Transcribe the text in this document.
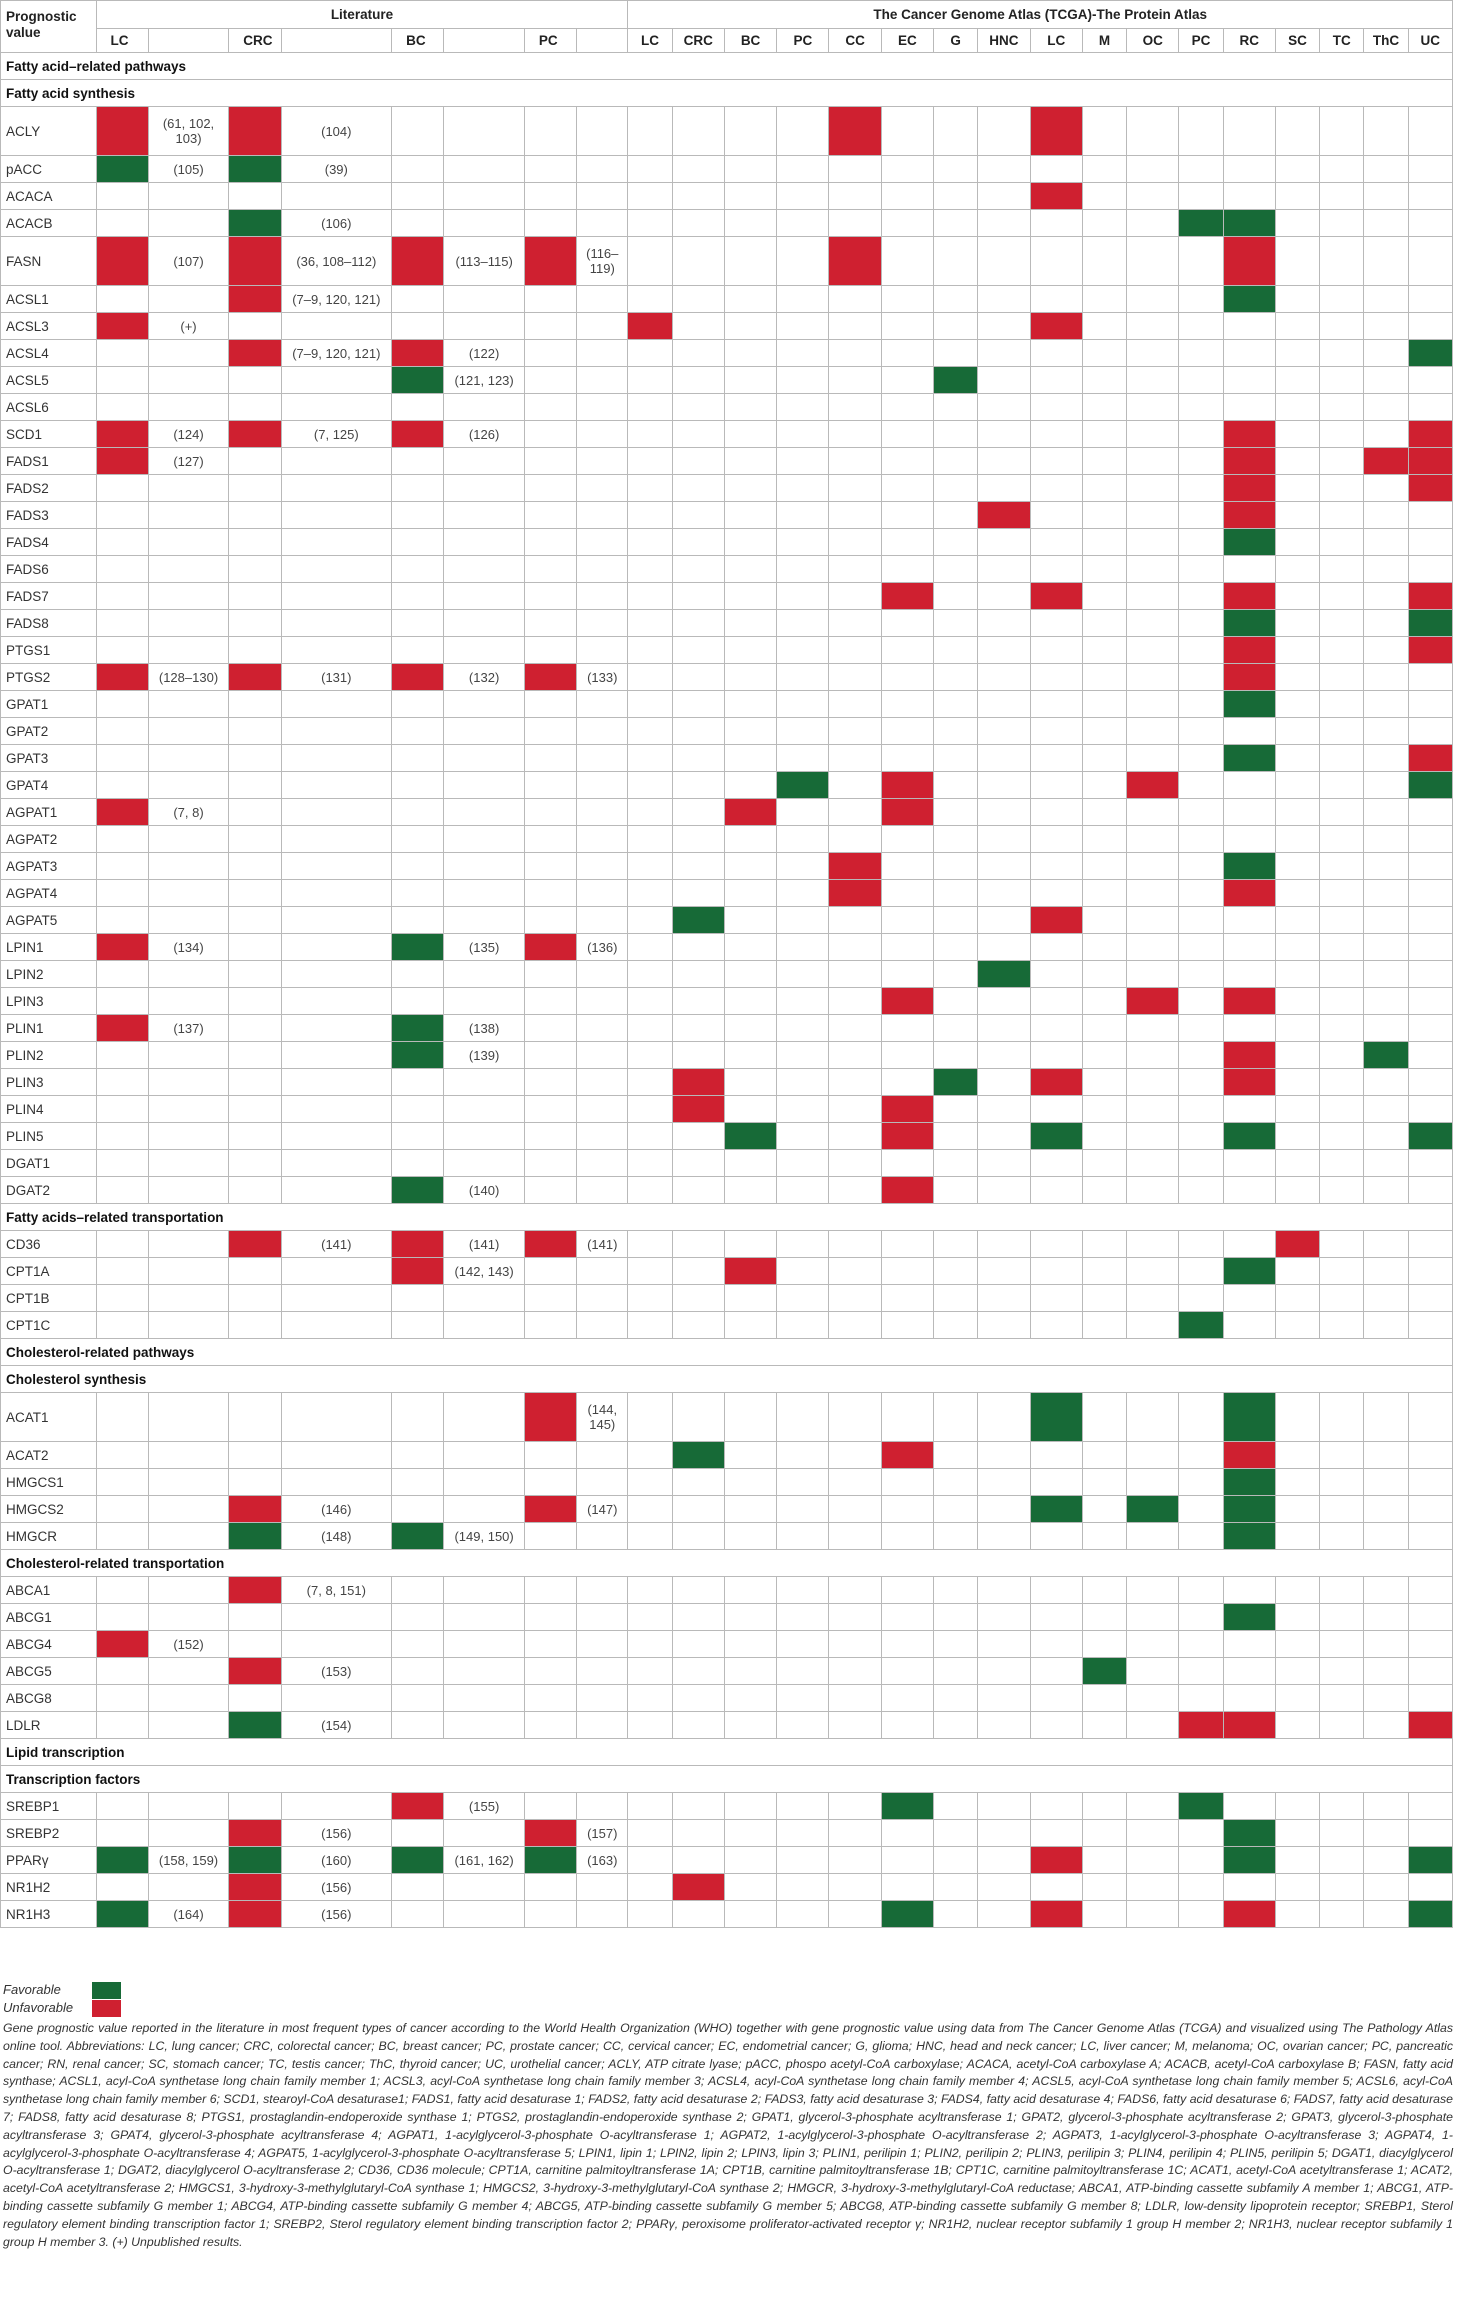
Prognostic value	Literature								The Cancer Genome Atlas (TCGA)-The Protein Atlas																
	LC		CRC		BC		PC		LC	CRC	BC	PC	CC	EC	G	HNC	LC	M	OC	PC	RC	SC	TC	ThC	UC
Fatty acid–related pathways																									
Fatty acid synthesis																									
ACLY		(61, 102, 103)		(104)																					
pACC		(105)		(39)																					
ACACA																									
ACACB				(106)																					
FASN		(107)		(36, 108–112)		(113–115)		(116–119)																	
ACSL1				(7–9, 120, 121)																					
ACSL3		(+)																							
ACSL4				(7–9, 120, 121)		(122)																			
ACSL5						(121, 123)																			
ACSL6																									
SCD1		(124)		(7, 125)		(126)																			
FADS1		(127)																							
FADS2																									
FADS3																									
FADS4																									
FADS6																									
FADS7																									
FADS8																									
PTGS1																									
PTGS2		(128–130)		(131)		(132)		(133)																	
GPAT1																									
GPAT2																									
GPAT3																									
GPAT4																									
AGPAT1		(7, 8)																							
AGPAT2																									
AGPAT3																									
AGPAT4																									
AGPAT5																									
LPIN1		(134)				(135)		(136)																	
LPIN2																									
LPIN3																									
PLIN1		(137)				(138)																			
PLIN2						(139)																			
PLIN3																									
PLIN4																									
PLIN5																									
DGAT1																									
DGAT2						(140)																			
Fatty acids–related transportation																									
CD36				(141)		(141)		(141)																	
CPT1A						(142, 143)																			
CPT1B																									
CPT1C																									
Cholesterol-related pathways																									
Cholesterol synthesis																									
ACAT1								(144, 145)																	
ACAT2																									
HMGCS1																									
HMGCS2				(146)				(147)																	
HMGCR				(148)		(149, 150)																			
Cholesterol-related transportation																									
ABCA1				(7, 8, 151)																					
ABCG1																									
ABCG4		(152)																							
ABCG5				(153)																					
ABCG8																									
LDLR				(154)																					
Lipid transcription																									
Transcription factors																									
SREBP1						(155)																			
SREBP2				(156)				(157)																	
PPARγ		(158, 159)		(160)		(161, 162)		(163)																	
NR1H2				(156)																					
NR1H3		(164)		(156)																					
Favorable
Unfavorable
Gene prognostic value reported in the literature in most frequent types of cancer according to the World Health Organization (WHO) together with gene prognostic value using data from The Cancer Genome Atlas (TCGA) and visualized using The Pathology Atlas online tool. Abbreviations: LC, lung cancer; CRC, colorectal cancer; BC, breast cancer; PC, prostate cancer; CC, cervical cancer; EC, endometrial cancer; G, glioma; HNC, head and neck cancer; LC, liver cancer; M, melanoma; OC, ovarian cancer; PC, pancreatic cancer; RN, renal cancer; SC, stomach cancer; TC, testis cancer; ThC, thyroid cancer; UC, urothelial cancer; ACLY, ATP citrate lyase; pACC, phospo acetyl-CoA carboxylase; ACACA, acetyl-CoA carboxylase A; ACACB, acetyl-CoA carboxylase B; FASN, fatty acid synthase; ACSL1, acyl-CoA synthetase long chain family member 1; ACSL3, acyl-CoA synthetase long chain family member 3; ACSL4, acyl-CoA synthetase long chain family member 4; ACSL5, acyl-CoA synthetase long chain family member 5; ACSL6, acyl-CoA synthetase long chain family member 6; SCD1, stearoyl-CoA desaturase1; FADS1, fatty acid desaturase 1; FADS2, fatty acid desaturase 2; FADS3, fatty acid desaturase 3; FADS4, fatty acid desaturase 4; FADS6, fatty acid desaturase 6; FADS7, fatty acid desaturase 7; FADS8, fatty acid desaturase 8; PTGS1, prostaglandin-endoperoxide synthase 1; PTGS2, prostaglandin-endoperoxide synthase 2; GPAT1, glycerol-3-phosphate acyltransferase 1; GPAT2, glycerol-3-phosphate acyltransferase 2; GPAT3, glycerol-3-phosphate acyltransferase 3; GPAT4, glycerol-3-phosphate acyltransferase 4; AGPAT1, 1-acylglycerol-3-phosphate O-acyltransferase 1; AGPAT2, 1-acylglycerol-3-phosphate O-acyltransferase 2; AGPAT3, 1-acylglycerol-3-phosphate O-acyltransferase 3; AGPAT4, 1-acylglycerol-3-phosphate O-acyltransferase 4; AGPAT5, 1-acylglycerol-3-phosphate O-acyltransferase 5; LPIN1, lipin 1; LPIN2, lipin 2; LPIN3, lipin 3; PLIN1, perilipin 1; PLIN2, perilipin 2; PLIN3, perilipin 3; PLIN4, perilipin 4; PLIN5, perilipin 5; DGAT1, diacylglycerol O-acyltransferase 1; DGAT2, diacylglycerol O-acyltransferase 2; CD36, CD36 molecule; CPT1A, carnitine palmitoyltransferase 1A; CPT1B, carnitine palmitoyltransferase 1B; CPT1C, carnitine palmitoyltransferase 1C; ACAT1, acetyl-CoA acetyltransferase 1; ACAT2, acetyl-CoA acetyltransferase 2; HMGCS1, 3-hydroxy-3-methylglutaryl-CoA synthase 1; HMGCS2, 3-hydroxy-3-methylglutaryl-CoA synthase 2; HMGCR, 3-hydroxy-3-methylglutaryl-CoA reductase; ABCA1, ATP-binding cassette subfamily A member 1; ABCG1, ATP-binding cassette subfamily G member 1; ABCG4, ATP-binding cassette subfamily G member 4; ABCG5, ATP-binding cassette subfamily G member 5; ABCG8, ATP-binding cassette subfamily G member 8; LDLR, low-density lipoprotein receptor; SREBP1, Sterol regulatory element binding transcription factor 1; SREBP2, Sterol regulatory element binding transcription factor 2; PPARγ, peroxisome proliferator-activated receptor γ; NR1H2, nuclear receptor subfamily 1 group H member 2; NR1H3, nuclear receptor subfamily 1 group H member 3. (+) Unpublished results.
